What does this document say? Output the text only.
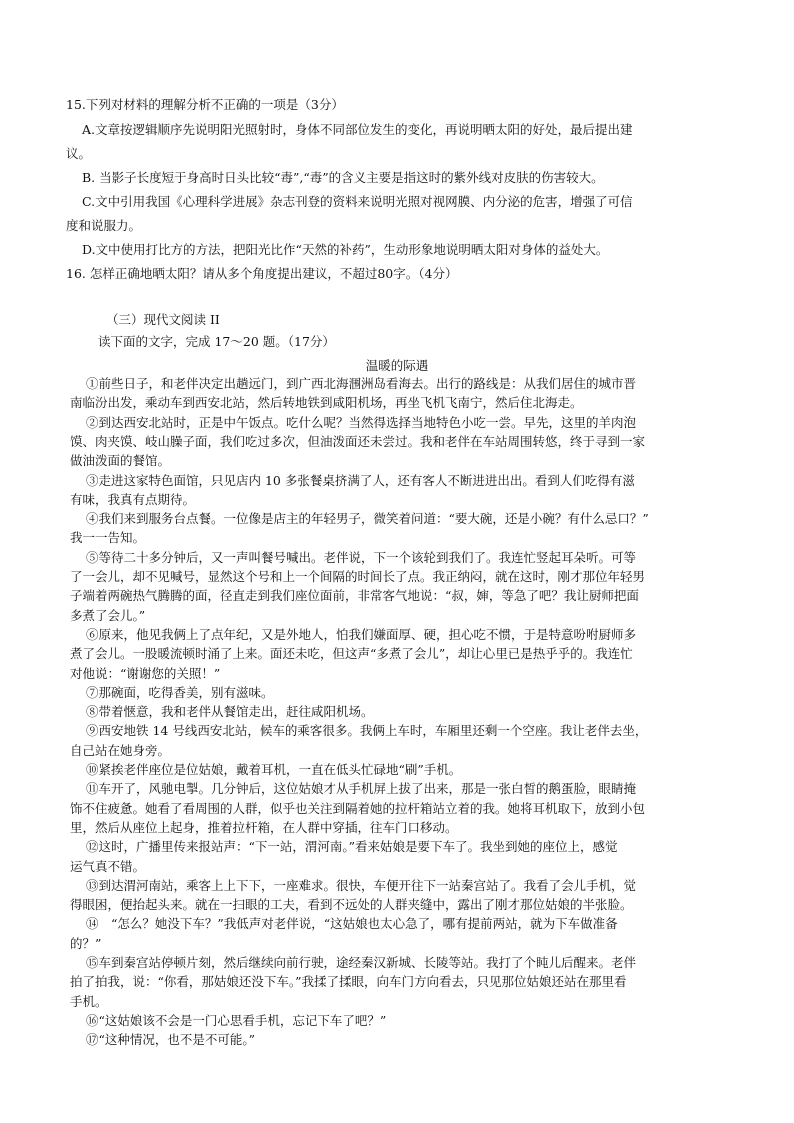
15.下列对材料的理解分析不正确的一项是（3分）
A.文章按逻辑顺序先说明阳光照射时，身体不同部位发生的变化，再说明晒太阳的好处，最后提出建
议。
B. 当影子长度短于身高时日头比较“毒”,“毒”的含义主要是指这时的紫外线对皮肤的伤害较大。
C.文中引用我国《心理科学进展》杂志刊登的资料来说明光照对视网膜、内分泌的危害，增强了可信
度和说服力。
D.文中使用打比方的方法，把阳光比作“天然的补药”，生动形象地说明晒太阳对身体的益处大。
16. 怎样正确地晒太阳？请从多个角度提出建议，不超过80字。（4分）
（三）现代文阅读 II
读下面的文字，完成 17～20 题。（17分）
温暖的际遇
①前些日子，和老伴决定出趟远门，到广西北海涠洲岛看海去。出行的路线是：从我们居住的城市晋
南临汾出发，乘动车到西安北站，然后转地铁到咸阳机场，再坐飞机飞南宁，然后住北海走。
②到达西安北站时，正是中午饭点。吃什么呢？当然得选择当地特色小吃一尝。早先，这里的羊肉泡
馍、肉夹馍、岐山臊子面，我们吃过多次，但油泼面还未尝过。我和老伴在车站周围转悠，终于寻到一家
做油泼面的餐馆。
③走进这家特色面馆，只见店内 10 多张餐桌挤满了人，还有客人不断进进出出。看到人们吃得有滋
有味，我真有点期待。
④我们来到服务台点餐。一位像是店主的年轻男子，微笑着问道：“要大碗，还是小碗？有什么忌口？”
我一一告知。
⑤等待二十多分钟后，又一声叫餐号喊出。老伴说，下一个该轮到我们了。我连忙竖起耳朵听。可等
了一会儿，却不见喊号，显然这个号和上一个间隔的时间长了点。我正纳闷，就在这时，刚才那位年轻男
子端着两碗热气腾腾的面，径直走到我们座位面前，非常客气地说：“叔，婶，等急了吧？我让厨师把面
多煮了会儿。”
⑥原来，他见我俩上了点年纪，又是外地人，怕我们嫌面厚、硬，担心吃不惯，于是特意吩咐厨师多
煮了会儿。一股暖流顿时涌了上来。面还未吃，但这声“多煮了会儿”，却让心里已是热乎乎的。我连忙
对他说：“谢谢您的关照！”
⑦那碗面，吃得香美，别有滋味。
⑧带着惬意，我和老伴从餐馆走出，赶往咸阳机场。
⑨西安地铁 14 号线西安北站，候车的乘客很多。我俩上车时，车厢里还剩一个空座。我让老伴去坐，
自己站在她身旁。
⑩紧挨老伴座位是位姑娘，戴着耳机，一直在低头忙碌地“刷”手机。
⑪车开了，风驰电掣。几分钟后，这位姑娘才从手机屏上拔了出来，那是一张白皙的鹅蛋脸，眼睛掩
饰不住疲惫。她看了看周围的人群，似乎也关注到隔着她的拉杆箱站立着的我。她将耳机取下，放到小包
里，然后从座位上起身，推着拉杆箱，在人群中穿插，往车门口移动。
⑫这时，广播里传来报站声：“下一站，渭河南。”看来姑娘是要下车了。我坐到她的座位上，感觉
运气真不错。
⑬到达渭河南站，乘客上上下下，一座难求。很快，车便开往下一站秦宫站了。我看了会儿手机，觉
得眼困，便抬起头来。就在一扫眼的工夫，看到不远处的人群夹缝中，露出了刚才那位姑娘的半张脸。
⑭　“怎么？她没下车？”我低声对老伴说，“这姑娘也太心急了，哪有提前两站，就为下车做准备
的？”
⑮车到秦宫站停顿片刻，然后继续向前行驶，途经秦汉新城、长陵等站。我打了个盹儿后醒来。老伴
拍了拍我，说：“你看，那姑娘还没下车。”我揉了揉眼，向车门方向看去，只见那位姑娘还站在那里看
手机。
⑯“这姑娘该不会是一门心思看手机，忘记下车了吧？”
⑰“这种情况，也不是不可能。”
